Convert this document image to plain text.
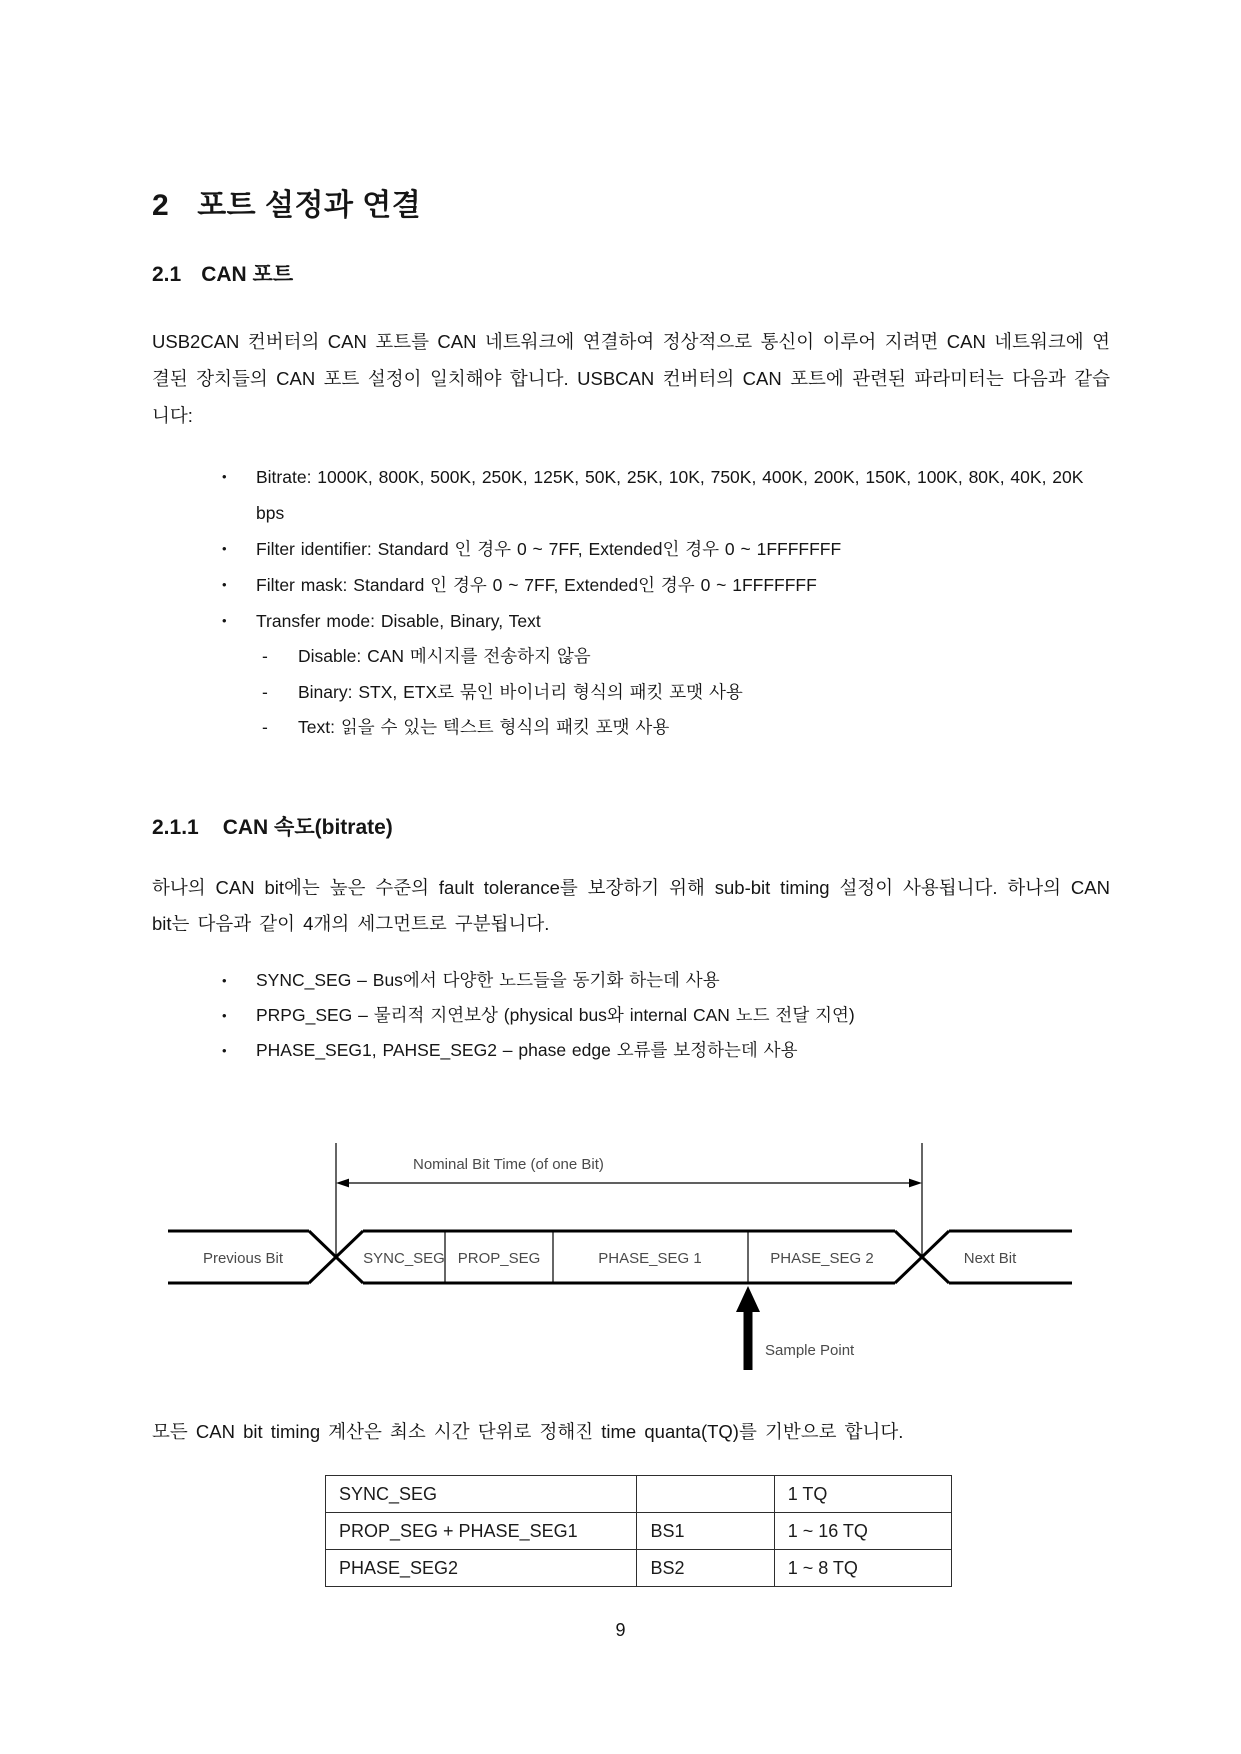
2 포트 설정과 연결
2.1 CAN 포트
USB2CAN 컨버터의 CAN 포트를 CAN 네트워크에 연결하여 정상적으로 통신이 이루어 지려면 CAN 네트워크에 연결된 장치들의 CAN 포트 설정이 일치해야 합니다. USBCAN 컨버터의 CAN 포트에 관련된 파라미터는 다음과 같습니다:
•	Bitrate: 1000K, 800K, 500K, 250K, 125K, 50K, 25K, 10K, 750K, 400K, 200K, 150K, 100K, 80K, 40K, 20K bps
•	Filter identifier: Standard 인 경우 0 ~ 7FF, Extended인 경우 0 ~ 1FFFFFFF
•	Filter mask: Standard 인 경우 0 ~ 7FF, Extended인 경우 0 ~ 1FFFFFFF
•	Transfer mode: Disable, Binary, Text
-	Disable: CAN 메시지를 전송하지 않음
-	Binary: STX, ETX로 묶인 바이너리 형식의 패킷 포맷 사용
-	Text: 읽을 수 있는 텍스트 형식의 패킷 포맷 사용
2.1.1 CAN 속도(bitrate)
하나의 CAN bit에는 높은 수준의 fault tolerance를 보장하기 위해 sub-bit timing 설정이 사용됩니다. 하나의 CAN bit는 다음과 같이 4개의 세그먼트로 구분됩니다.
•	SYNC_SEG – Bus에서 다양한 노드들을 동기화 하는데 사용
•	PRPG_SEG – 물리적 지연보상 (physical bus와 internal CAN 노드 전달 지연)
•	PHASE_SEG1, PAHSE_SEG2 – phase edge 오류를 보정하는데 사용
Nominal Bit Time (of one Bit)
Previous Bit	SYNC_SEG PROP_SEG	PHASE_SEG 1	PHASE_SEG 2	Next Bit
Sample Point
모든 CAN bit timing 계산은 최소 시간 단위로 정해진 time quanta(TQ)를 기반으로 합니다.
SYNC_SEG		1 TQ
PROP_SEG + PHASE_SEG1	BS1	1 ~ 16 TQ
PHASE_SEG2	BS2	1 ~ 8 TQ
9
